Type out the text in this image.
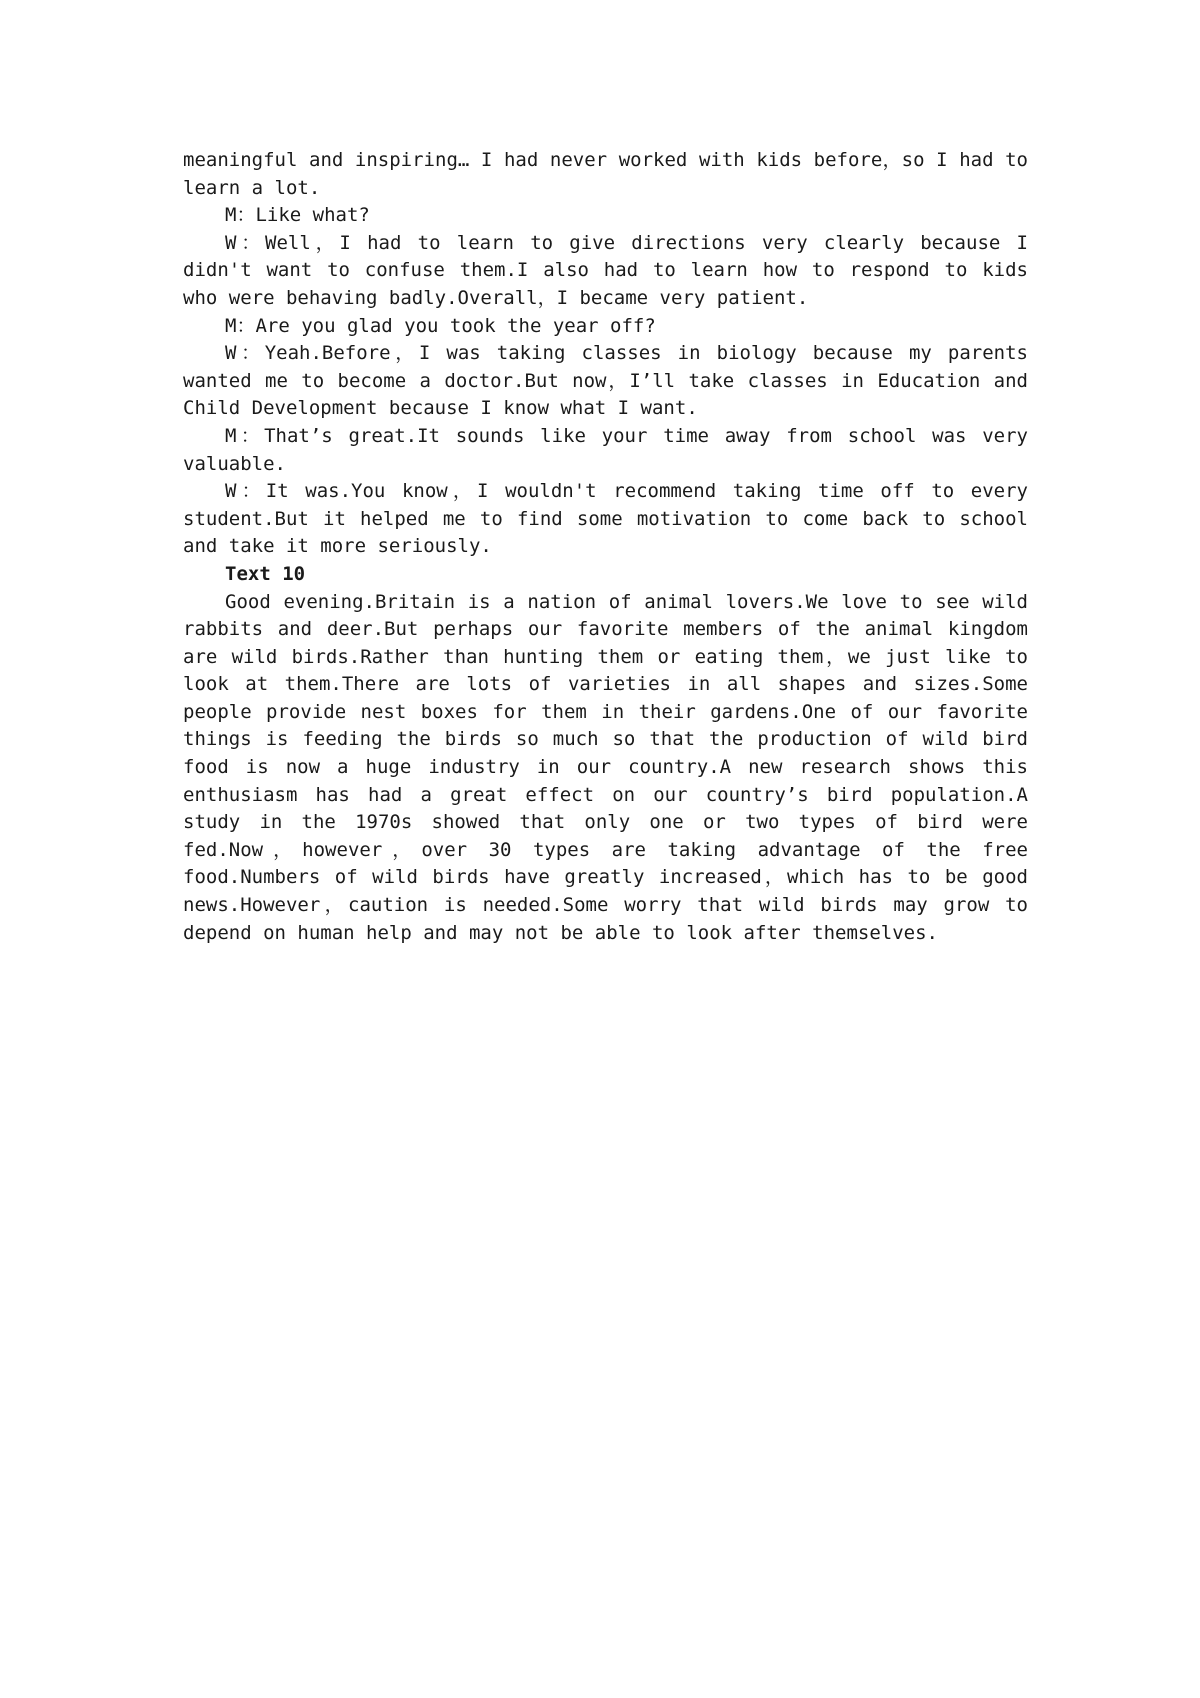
meaningful and inspiring… I had never worked with kids before，so I had to learn a lot.

M：Like what?

W：Well，I had to learn to give directions very clearly because I didn't want to confuse them.I also had to learn how to respond to kids who were behaving badly.Overall，I became very patient.

M：Are you glad you took the year off?

W：Yeah.Before，I was taking classes in biology because my parents wanted me to become a doctor.But now，I’ll take classes in Education and Child Development because I know what I want.

M：That’s great.It sounds like your time away from school was very valuable.

W：It was.You know，I wouldn't recommend taking time off to every student.But it helped me to find some motivation to come back to school and take it more seriously.

Text 10

Good evening.Britain is a nation of animal lovers.We love to see wild rabbits and deer.But perhaps our favorite members of the animal kingdom are wild birds.Rather than hunting them or eating them，we just like to look at them.There are lots of varieties in all shapes and sizes.Some people provide nest boxes for them in their gardens.One of our favorite things is feeding the birds so much so that the production of wild bird food is now a huge industry in our country.A new research shows this enthusiasm has had a great effect on our country’s bird population.A study in the 1970s showed that only one or two types of bird were fed.Now，however，over 30 types are taking advantage of the free food.Numbers of wild birds have greatly increased，which has to be good news.However，caution is needed.Some worry that wild birds may grow to depend on human help and may not be able to look after themselves.
